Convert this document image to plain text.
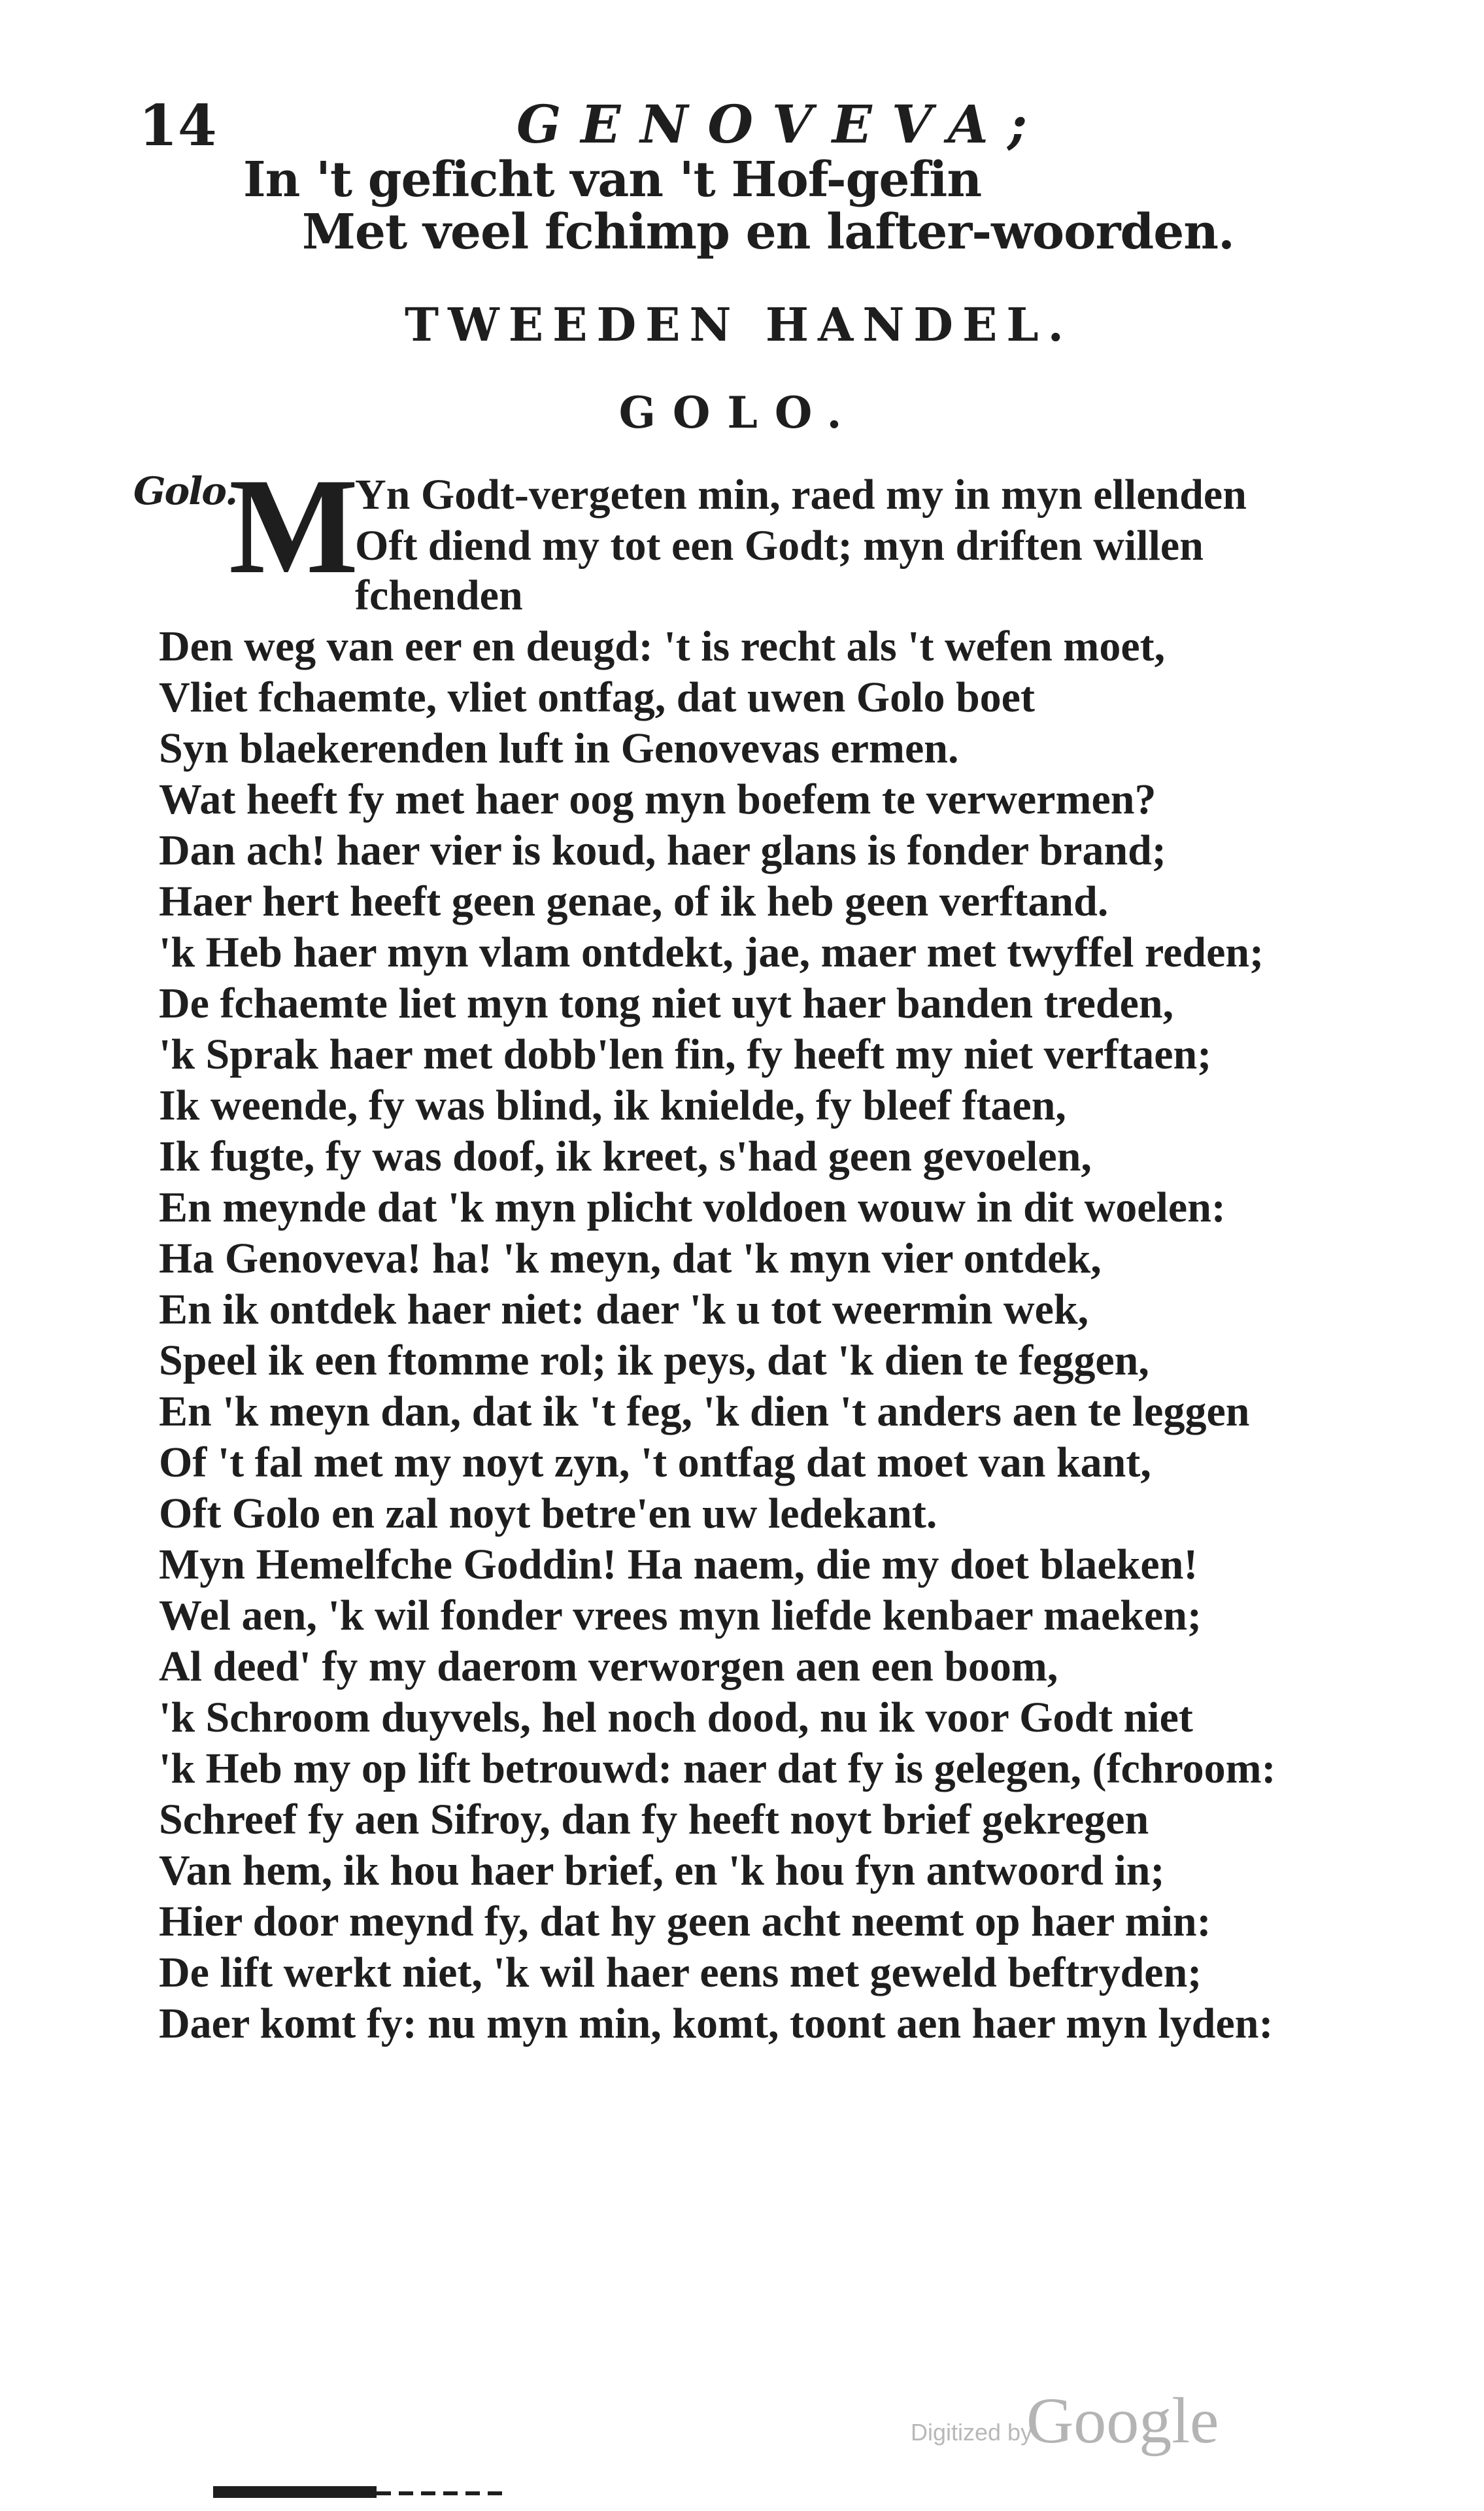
14	GENOVEVA;
In 't geficht van 't Hof-gefin
Met veel fchimp en lafter-woorden.
TWEEDEN HANDEL.
GOLO.
Golo.
M
Yn Godt-vergeten min, raed my in myn ellenden
Oft diend my tot een Godt; myn driften willen
fchenden
Den weg van eer en deugd: 't is recht als 't wefen moet,
Vliet fchaemte, vliet ontfag, dat uwen Golo boet
Syn blaekerenden luft in Genovevas ermen.
Wat heeft fy met haer oog myn boefem te verwermen?
Dan ach! haer vier is koud, haer glans is fonder brand;
Haer hert heeft geen genae, of ik heb geen verftand.
'k Heb haer myn vlam ontdekt, jae, maer met twyffel reden;
De fchaemte liet myn tong niet uyt haer banden treden,
'k Sprak haer met dobb'len fin, fy heeft my niet verftaen;
Ik weende, fy was blind, ik knielde, fy bleef ftaen,
Ik fugte, fy was doof, ik kreet, s'had geen gevoelen,
En meynde dat 'k myn plicht voldoen wouw in dit woelen:
Ha Genoveva! ha! 'k meyn, dat 'k myn vier ontdek,
En ik ontdek haer niet: daer 'k u tot weermin wek,
Speel ik een ftomme rol; ik peys, dat 'k dien te feggen,
En 'k meyn dan, dat ik 't feg, 'k dien 't anders aen te leggen
Of 't fal met my noyt zyn, 't ontfag dat moet van kant,
Oft Golo en zal noyt betre'en uw ledekant.
Myn Hemelfche Goddin! Ha naem, die my doet blaeken!
Wel aen, 'k wil fonder vrees myn liefde kenbaer maeken;
Al deed' fy my daerom verworgen aen een boom,
'k Schroom duyvels, hel noch dood, nu ik voor Godt niet
'k Heb my op lift betrouwd: naer dat fy is gelegen, (fchroom:
Schreef fy aen Sifroy, dan fy heeft noyt brief gekregen
Van hem, ik hou haer brief, en 'k hou fyn antwoord in;
Hier door meynd fy, dat hy geen acht neemt op haer min:
De lift werkt niet, 'k wil haer eens met geweld beftryden;
Daer komt fy: nu myn min, komt, toont aen haer myn lyden:
Digitized by
Google
